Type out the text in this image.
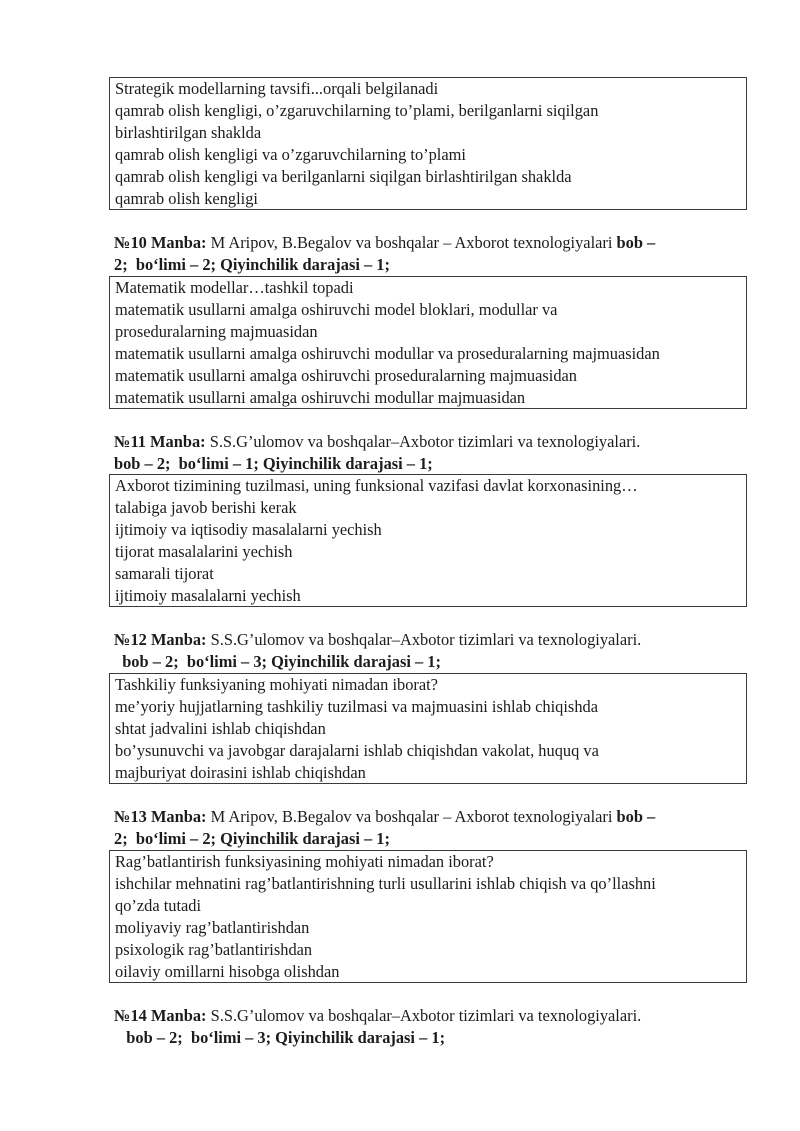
Strategik modellarning tavsifi...orqali belgilanadi
qamrab olish kengligi, o’zgaruvchilarning to’plami, berilganlarni siqilgan
birlashtirilgan shaklda
qamrab olish kengligi va o’zgaruvchilarning to’plami
qamrab olish kengligi va berilganlarni siqilgan birlashtirilgan shaklda
qamrab olish kengligi
№10 Manba: M Aripov, B.Begalov va boshqalar – Axborot texnologiyalari bob –
2;  bo‘limi – 2; Qiyinchilik darajasi – 1;
Matematik modellar…tashkil topadi
matematik usullarni amalga oshiruvchi model bloklari, modullar va
proseduralarning majmuasidan
matematik usullarni amalga oshiruvchi modullar va proseduralarning majmuasidan
matematik usullarni amalga oshiruvchi proseduralarning majmuasidan
matematik usullarni amalga oshiruvchi modullar majmuasidan
№11 Manba: S.S.G’ulomov va boshqalar–Axbotor tizimlari va texnologiyalari.
bob – 2;  bo‘limi – 1; Qiyinchilik darajasi – 1;
Axborot tizimining tuzilmasi, uning funksional vazifasi davlat korxonasining…
talabiga javob berishi kerak
ijtimoiy va iqtisodiy masalalarni yechish
tijorat masalalarini yechish
samarali tijorat
ijtimoiy masalalarni yechish
№12 Manba: S.S.G’ulomov va boshqalar–Axbotor tizimlari va texnologiyalari.
bob – 2;  bo‘limi – 3; Qiyinchilik darajasi – 1;
Tashkiliy funksiyaning mohiyati nimadan iborat?
me’yoriy hujjatlarning tashkiliy tuzilmasi va majmuasini ishlab chiqishda
shtat jadvalini ishlab chiqishdan
bo’ysunuvchi va javobgar darajalarni ishlab chiqishdan vakolat, huquq va
majburiyat doirasini ishlab chiqishdan
№13 Manba: M Aripov, B.Begalov va boshqalar – Axborot texnologiyalari bob –
2;  bo‘limi – 2; Qiyinchilik darajasi – 1;
Rag’batlantirish funksiyasining mohiyati nimadan iborat?
ishchilar mehnatini rag’batlantirishning turli usullarini ishlab chiqish va qo’llashni
qo’zda tutadi
moliyaviy rag’batlantirishdan
psixologik rag’batlantirishdan
oilaviy omillarni hisobga olishdan
№14 Manba: S.S.G’ulomov va boshqalar–Axbotor tizimlari va texnologiyalari.
bob – 2;  bo‘limi – 3; Qiyinchilik darajasi – 1;
